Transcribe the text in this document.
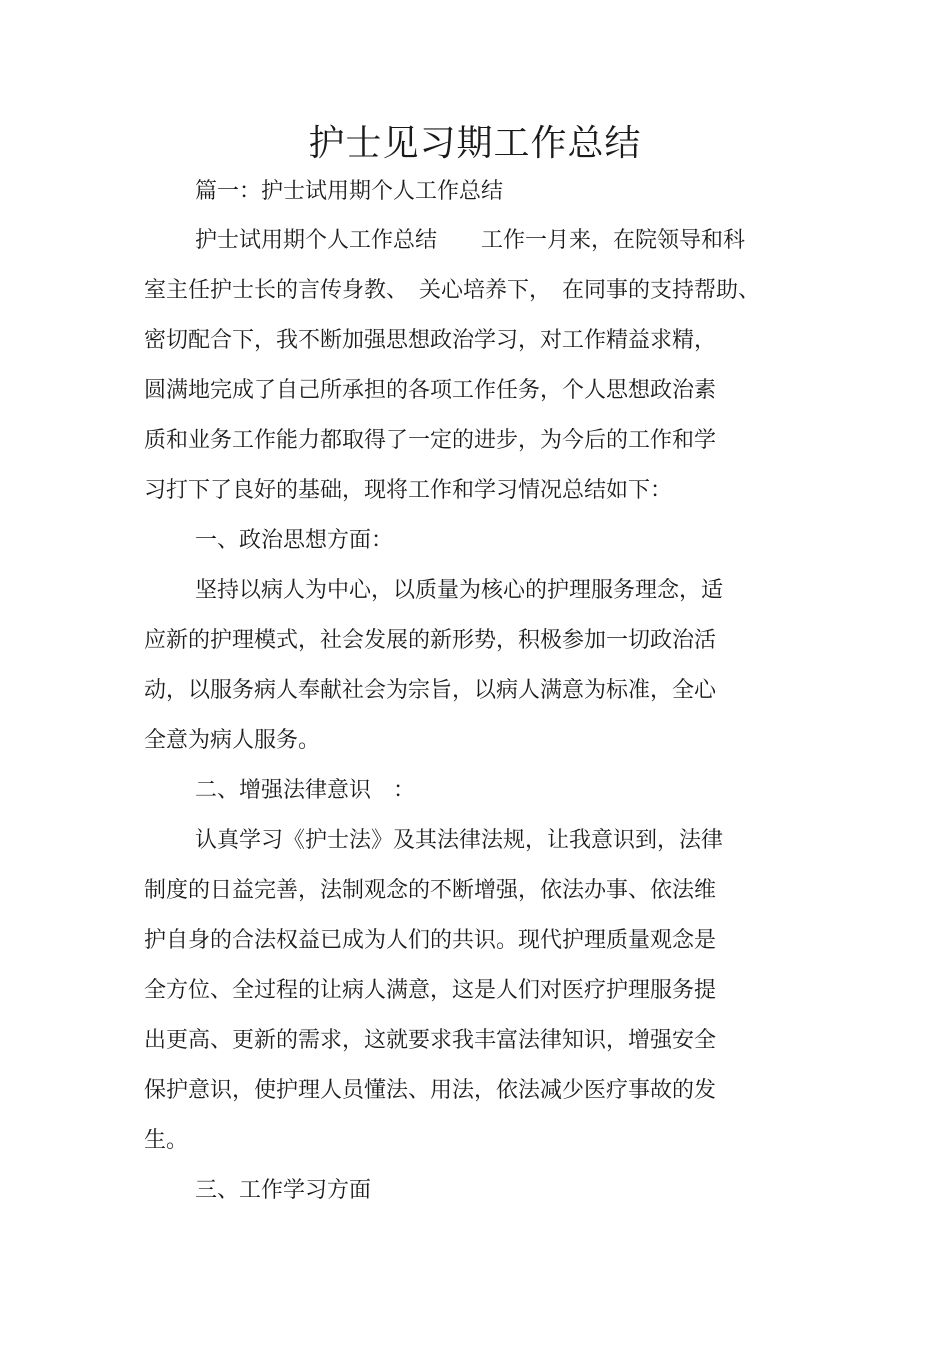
护士见习期工作总结
篇一：护士试用期个人工作总结
护士试用期个人工作总结　　工作一月来，在院领导和科
室主任护士长的言传身教、　关心培养下，　在同事的支持帮助、
密切配合下，我不断加强思想政治学习，对工作精益求精，
圆满地完成了自己所承担的各项工作任务，个人思想政治素
质和业务工作能力都取得了一定的进步，为今后的工作和学
习打下了良好的基础，现将工作和学习情况总结如下：
一、政治思想方面：
坚持以病人为中心，以质量为核心的护理服务理念，适
应新的护理模式，社会发展的新形势，积极参加一切政治活
动，以服务病人奉献社会为宗旨，以病人满意为标准，全心
全意为病人服务。
二、增强法律意识　：
认真学习《护士法》及其法律法规，让我意识到，法律
制度的日益完善，法制观念的不断增强，依法办事、依法维
护自身的合法权益已成为人们的共识。现代护理质量观念是
全方位、全过程的让病人满意，这是人们对医疗护理服务提
出更高、更新的需求，这就要求我丰富法律知识，增强安全
保护意识，使护理人员懂法、用法，依法减少医疗事故的发
生。
三、工作学习方面
